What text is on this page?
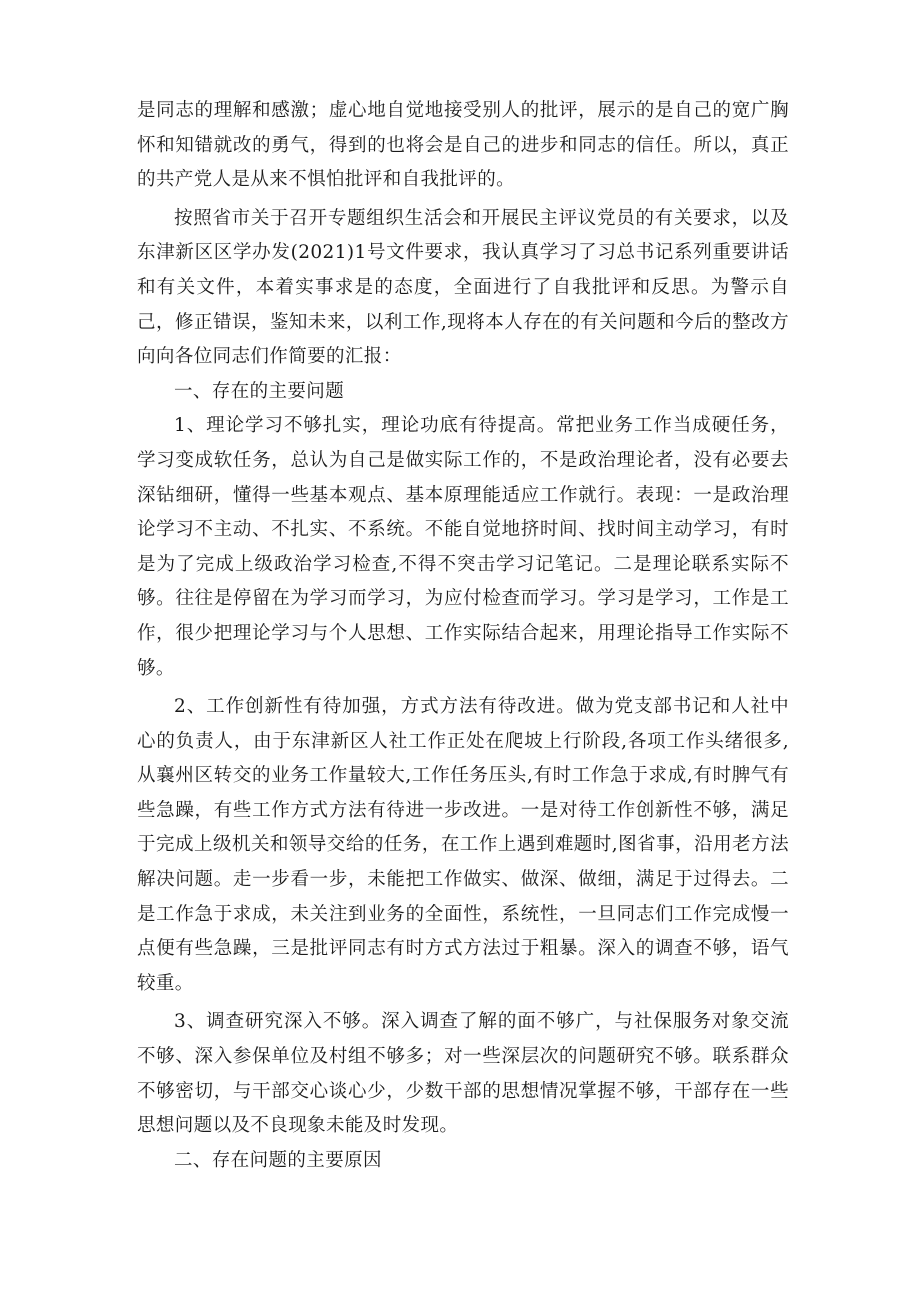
是同志的理解和感激；虚心地自觉地接受别人的批评，展示的是自己的宽广胸怀和知错就改的勇气，得到的也将会是自己的进步和同志的信任。所以，真正的共产党人是从来不惧怕批评和自我批评的。

按照省市关于召开专题组织生活会和开展民主评议党员的有关要求，以及东津新区区学办发(2021)1号文件要求，我认真学习了习总书记系列重要讲话和有关文件，本着实事求是的态度，全面进行了自我批评和反思。为警示自己，修正错误，鉴知未来，以利工作,现将本人存在的有关问题和今后的整改方向向各位同志们作简要的汇报：

一、存在的主要问题

1、理论学习不够扎实，理论功底有待提高。常把业务工作当成硬任务，学习变成软任务，总认为自己是做实际工作的，不是政治理论者，没有必要去深钻细研，懂得一些基本观点、基本原理能适应工作就行。表现：一是政治理论学习不主动、不扎实、不系统。不能自觉地挤时间、找时间主动学习，有时是为了完成上级政治学习检查,不得不突击学习记笔记。二是理论联系实际不够。往往是停留在为学习而学习，为应付检查而学习。学习是学习，工作是工作，很少把理论学习与个人思想、工作实际结合起来，用理论指导工作实际不够。

2、工作创新性有待加强，方式方法有待改进。做为党支部书记和人社中心的负责人，由于东津新区人社工作正处在爬坡上行阶段,各项工作头绪很多,从襄州区转交的业务工作量较大,工作任务压头,有时工作急于求成,有时脾气有些急躁，有些工作方式方法有待进一步改进。一是对待工作创新性不够，满足于完成上级机关和领导交给的任务，在工作上遇到难题时,图省事，沿用老方法解决问题。走一步看一步，未能把工作做实、做深、做细，满足于过得去。二是工作急于求成，未关注到业务的全面性，系统性，一旦同志们工作完成慢一点便有些急躁，三是批评同志有时方式方法过于粗暴。深入的调查不够，语气较重。

3、调查研究深入不够。深入调查了解的面不够广，与社保服务对象交流不够、深入参保单位及村组不够多；对一些深层次的问题研究不够。联系群众不够密切，与干部交心谈心少，少数干部的思想情况掌握不够，干部存在一些思想问题以及不良现象未能及时发现。

二、存在问题的主要原因
